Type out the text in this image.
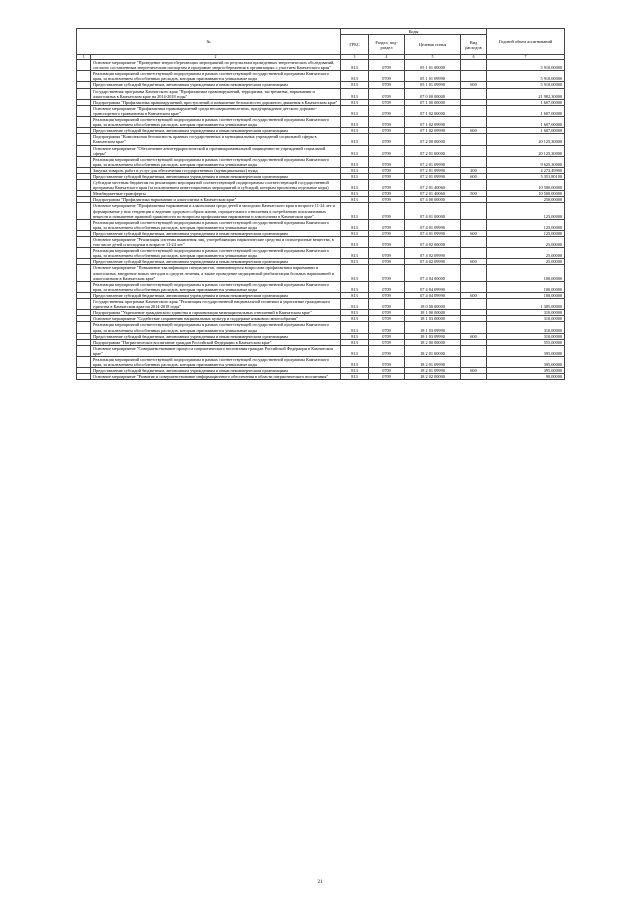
№		Коды				Годовой объем ассигнований
		ГРБС	Раздел, под-раздел	Целевая статья	Вид расходов	
1	2	3	4	5	6	7
	Основное мероприятие "Проведение энергосберегающих мероприятий по результатам проведенных энергетических обследований, согласно составленным энергетическим паспортам и программе энергосбережения в организациях с участием Камчатского края"	813	0709	05 1 01 00000		5 910,00000
	Реализация мероприятий соответствующей подпрограммы в рамках соответствующей государственной программы Камчатского края, за исключением обособленных расходов, которым присваиваются уникальные коды	813	0709	05 1 01 09990		5 910,00000
	Предоставление субсидий бюджетным, автономным учреждениям и иным некоммерческим организациям	813	0709	05 1 01 09990	600	5 910,00000
	Государственная программа Камчатского края "Профилактика правонарушений, терроризма, экстремизма, наркомании и алкоголизма в Камчатском крае на 2014-2018 годы"	813	0709	07 0 00 00000		21 982,30000
	Подпрограмма "Профилактика правонарушений, преступлений и повышение безопасности дорожного движения в Камчатском крае"	813	0709	07 1 00 00000		1 607,00000
	Основное мероприятие "Профилактика правонарушений среди несовершеннолетних, предупреждение детского дорожно-транспортного травматизма в Камчатском крае"	813	0709	07 1 02 00000		1 607,00000
	Реализация мероприятий соответствующей подпрограммы в рамках соответствующей государственной программы Камчатского края, за исключением обособленных расходов, которым присваиваются уникальные коды	813	0709	07 1 02 09990		1 607,00000
	Предоставление субсидий бюджетным, автономным учреждениям и иным некоммерческим организациям	813	0709	07 1 02 09990	600	1 607,00000
	Подпрограмма "Комплексная безопасность краевых государственных и муниципальных учреждений социальной сферы в Камчатском крае"	813	0709	07 2 00 00000		20 125,30000
	Основное мероприятие "Обеспечение антитеррористической и противокриминальной защищенности учреждений социальной сферы"	813	0709	07 2 01 00000		20 125,30000
	Реализация мероприятий соответствующей подпрограммы в рамках соответствующей государственной программы Камчатского края, за исключением обособленных расходов, которым присваиваются уникальные коды	813	0709	07 2 01 09990		9 625,30000
	Закупка товаров, работ и услуг для обеспечения государственных (муниципальных) нужд	813	0709	07 2 01 09990	200	4 273,49900
	Предоставление субсидий бюджетным, автономным учреждениям и иным некоммерческим организациям	813	0709	07 2 01 09990	600	5 351,80100
	Субсидии местным бюджетам на реализацию мероприятий соответствующей подпрограммы соответствующей государственной программы Камчатского края (за исключением инвестиционных мероприятий и субсидий, которым присвоены отдельные коды)	813	0709	07 2 01 40060		10 500,00000
	Межбюджетные трансферты	813	0709	07 2 01 40060	500	10 500,00000
	Подпрограмма "Профилактика наркомании и алкоголизма в Камчатском крае"	813	0709	07 4 00 00000		250,00000
	Основное мероприятие "Профилактика наркомании и алкоголизма среди детей и молодежи Камчатского края в возрасте 11-24 лет и формирование у них тенденции к ведению здорового образа жизни, отрицательного отношения к потреблению психоактивных веществ и повышение правовой грамотности по вопросам профилактики наркомании и алкоголизма в Камчатском крае"	813	0709	07 4 01 00000		125,00000
	Реализация мероприятий соответствующей подпрограммы в рамках соответствующей государственной программы Камчатского края, за исключением обособленных расходов, которым присваиваются уникальные коды	813	0709	07 4 01 09990		125,00000
	Предоставление субсидий бюджетным, автономным учреждениям и иным некоммерческим организациям	813	0709	07 4 01 09990	600	125,00000
	Основное мероприятие "Реализация системы выявления лиц, употребляющих наркотические средства и психотропные вещества, в том числе детей и молодежи в возрасте 11-24 лет"	813	0709	07 4 02 00000		25,00000
	Реализация мероприятий соответствующей подпрограммы в рамках соответствующей государственной программы Камчатского края, за исключением обособленных расходов, которым присваиваются уникальные коды	813	0709	07 4 02 09990		25,00000
	Предоставление субсидий бюджетным, автономным учреждениям и иным некоммерческим организациям	813	0709	07 4 02 09990	600	25,00000
	Основное мероприятие "Повышение квалификации специалистов, занимающихся вопросами профилактики наркомании и алкоголизма, внедрение новых методов и средств лечения, а также проведение медицинской реабилитации больных наркоманией и алкоголизмом в Камчатском крае"	813	0709	07 4 04 00000		100,00000
	Реализация мероприятий соответствующей подпрограммы в рамках соответствующей государственной программы Камчатского края, за исключением обособленных расходов, которым присваиваются уникальные коды	813	0709	07 4 04 09990		100,00000
	Предоставление субсидий бюджетным, автономным учреждениям и иным некоммерческим организациям	813	0709	07 4 04 09990	600	100,00000
	Государственная программа Камчатского края "Реализация государственной национальной политики и укрепление гражданского единства в Камчатском крае на 2014-2018 годы"	813	0709	18 0 00 00000		1 385,00000
	Подпрограмма "Укрепление гражданского единства и гармонизация межнациональных отношений в Камчатском крае"	813	0709	18 1 00 00000		310,00000
	Основное мероприятие "Содействие сохранению национальных культур и поддержке языкового многообразия"	813	0709	18 1 03 00000		310,00000
	Реализация мероприятий соответствующей подпрограммы в рамках соответствующей государственной программы Камчатского края, за исключением обособленных расходов, которым присваиваются уникальные коды	813	0709	18 1 03 09990		310,00000
	Предоставление субсидий бюджетным, автономным учреждениям и иным некоммерческим организациям	813	0709	18 1 03 09990	600	310,00000
	Подпрограмма "Патриотическое воспитание граждан Российской Федерации в Камчатском крае"	813	0709	18 2 00 00000		555,00000
	Основное мероприятие "Совершенствование процесса патриотического воспитания граждан Российской Федерации в Камчатском крае"	813	0709	18 2 01 00000		395,00000
	Реализация мероприятий соответствующей подпрограммы в рамках соответствующей государственной программы Камчатского края, за исключением обособленных расходов, которым присваиваются уникальные коды	813	0709	18 2 01 09990		395,00000
	Предоставление субсидий бюджетным, автономным учреждениям и иным некоммерческим организациям	813	0709	18 2 01 09990	600	395,00000
	Основное мероприятие "Развитие и совершенствование информационного обеспечения в области патриотического воспитания"	813	0709	18 2 02 00000		90,00000
21
